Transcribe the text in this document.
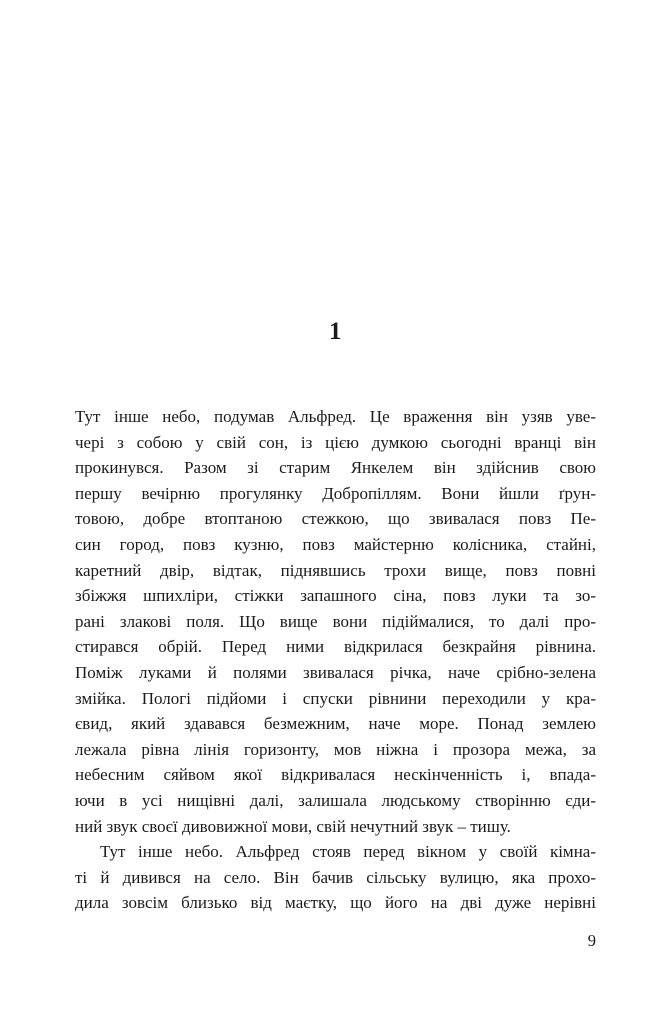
1
Тут інше небо, подумав Альфред. Це враження він узяв уве-
чері з собою у свій сон, із цією думкою сьогодні вранці він
прокинувся. Разом зі старим Янкелем він здійснив свою
першу вечірню прогулянку Добропіллям. Вони йшли ґрун-
товою, добре втоптаною стежкою, що звивалася повз Пе-
син город, повз кузню, повз майстерню колісника, стайні,
каретний двір, відтак, піднявшись трохи вище, повз повні
збіжжя шпихліри, стіжки запашного сіна, повз луки та зо-
рані злакові поля. Що вище вони підіймалися, то далі про-
стирався обрій. Перед ними відкрилася безкрайня рівнина.
Поміж луками й полями звивалася річка, наче срібно-зелена
змійка. Пологі підйоми і спуски рівнини переходили у кра-
євид, який здавався безмежним, наче море. Понад землею
лежала рівна лінія горизонту, мов ніжна і прозора межа, за
небесним сяйвом якої відкривалася нескінченність і, впада-
ючи в усі нищівні далі, залишала людському створінню єди-
ний звук своєї дивовижної мови, свій нечутний звук – тишу.
Тут інше небо. Альфред стояв перед вікном у своїй кімна-
ті й дивився на село. Він бачив сільську вулицю, яка прохо-
дила зовсім близько від маєтку, що його на дві дуже нерівні
9
